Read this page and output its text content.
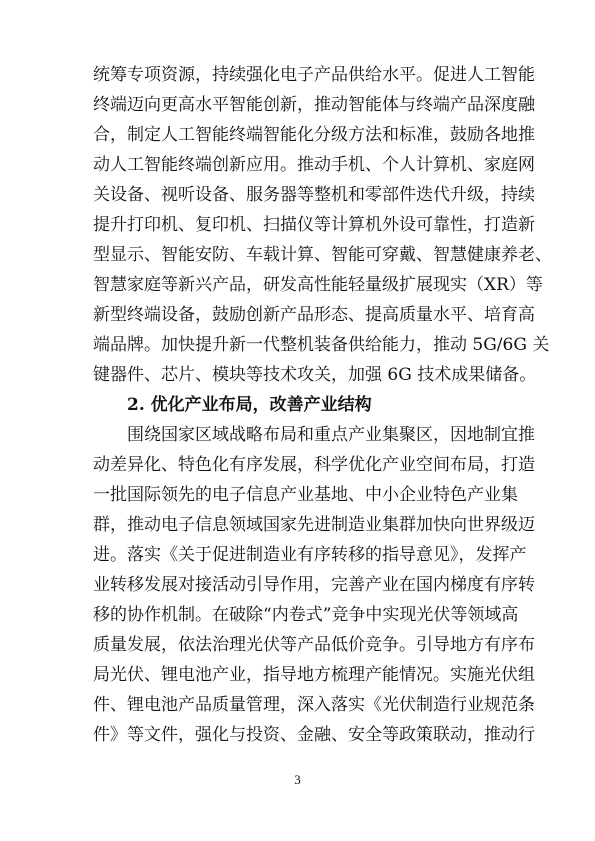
统筹专项资源，持续强化电子产品供给水平。促进人工智能
终端迈向更高水平智能创新，推动智能体与终端产品深度融
合，制定人工智能终端智能化分级方法和标准，鼓励各地推
动人工智能终端创新应用。推动手机、个人计算机、家庭网
关设备、视听设备、服务器等整机和零部件迭代升级，持续
提升打印机、复印机、扫描仪等计算机外设可靠性，打造新
型显示、智能安防、车载计算、智能可穿戴、智慧健康养老、
智慧家庭等新兴产品，研发高性能轻量级扩展现实（XR）等
新型终端设备，鼓励创新产品形态、提高质量水平、培育高
端品牌。加快提升新一代整机装备供给能力，推动 5G/6G 关
键器件、芯片、模块等技术攻关，加强 6G 技术成果储备。
2. 优化产业布局，改善产业结构
围绕国家区域战略布局和重点产业集聚区，因地制宜推
动差异化、特色化有序发展，科学优化产业空间布局，打造
一批国际领先的电子信息产业基地、中小企业特色产业集
群，推动电子信息领域国家先进制造业集群加快向世界级迈
进。落实《关于促进制造业有序转移的指导意见》，发挥产
业转移发展对接活动引导作用，完善产业在国内梯度有序转
移的协作机制。在破除“内卷式”竞争中实现光伏等领域高
质量发展，依法治理光伏等产品低价竞争。引导地方有序布
局光伏、锂电池产业，指导地方梳理产能情况。实施光伏组
件、锂电池产品质量管理，深入落实《光伏制造行业规范条
件》等文件，强化与投资、金融、安全等政策联动，推动行
3
